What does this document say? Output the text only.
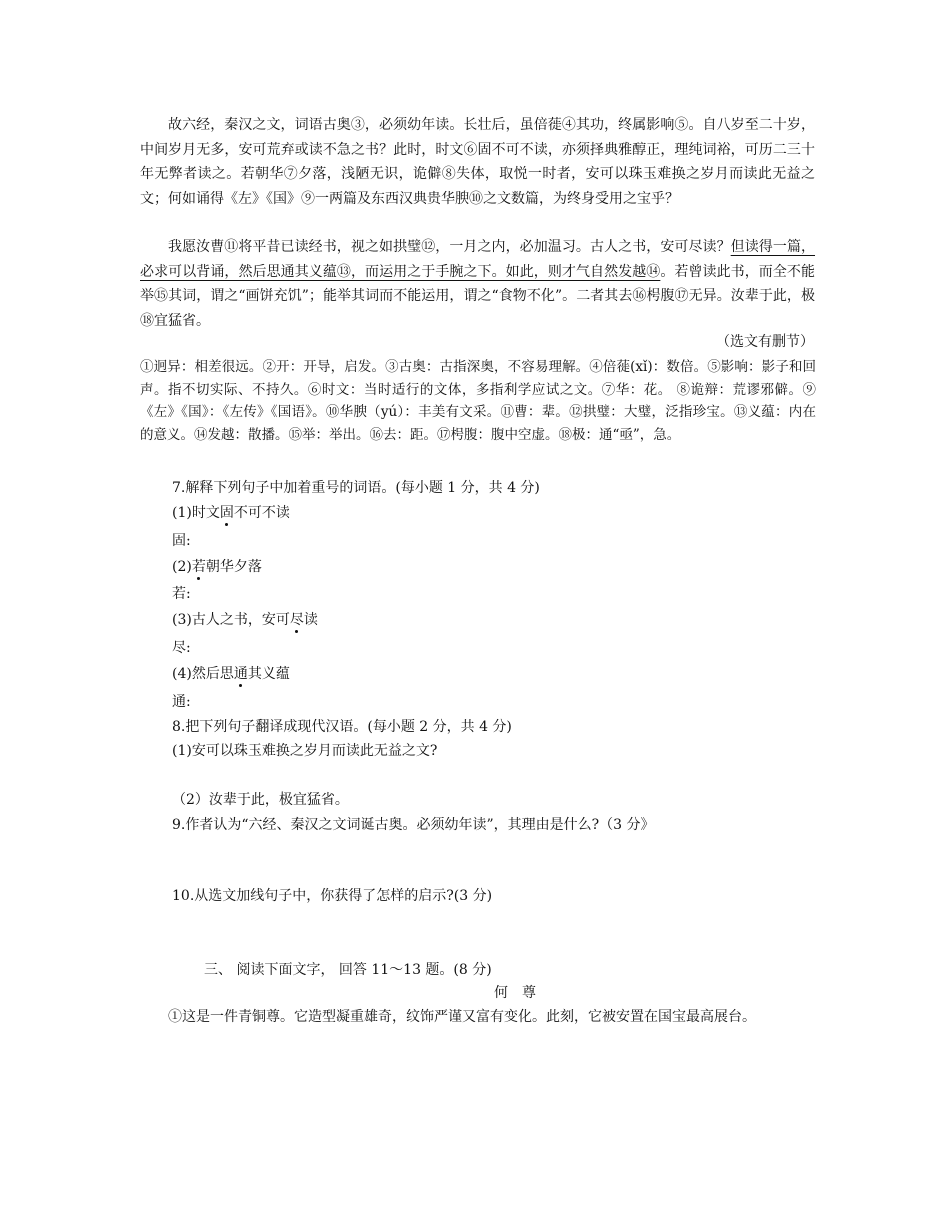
故六经，秦汉之文，词语古奥③，必须幼年读。长壮后，虽倍蓰④其功，终属影响⑤。自八岁至二十岁，中间岁月无多，安可荒弃或读不急之书？此时，时文⑥固不可不读，亦须择典雅醇正，理纯词裕，可历二三十年无弊者读之。若朝华⑦夕落，浅陋无识，诡僻⑧失体，取悦一时者，安可以珠玉难换之岁月而读此无益之文；何如诵得《左》《国》⑨一两篇及东西汉典贵华腴⑩之文数篇，为终身受用之宝乎？

我愿汝曹⑪将平昔已读经书，视之如拱璧⑫，一月之内，必加温习。古人之书，安可尽读？但读得一篇，必求可以背诵，然后思通其义蕴⑬，而运用之于手腕之下。如此，则才气自然发越⑭。若曾读此书，而全不能举⑮其词，谓之“画饼充饥”；能举其词而不能运用，谓之“食物不化”。二者其去⑯枵腹⑰无异。汝辈于此，极⑱宜猛省。

（选文有删节）

①迥异：相差很远。②开：开导，启发。③古奥：古指深奥，不容易理解。④倍蓰(xǐ)：数倍。⑤影响：影子和回声。指不切实际、不持久。⑥时文：当时适行的文体，多指利学应试之文。⑦华：花。 ⑧诡辩：荒谬邪僻。⑨《左》《国》：《左传》《国语》。⑩华腴（yú）：丰美有文采。⑪曹：辈。⑫拱璧：大璧，泛指珍宝。⑬义蕴：内在的意义。⑭发越：散播。⑮举：举出。⑯去：距。⑰枵腹：腹中空虚。⑱极：通“亟”，急。

7.解释下列句子中加着重号的词语。(每小题 1 分，共 4 分)

(1)时文固不可不读

固:

(2)若朝华夕落

若:

(3)古人之书，安可尽读

尽:

(4)然后思通其义蕴

通:

8.把下列句子翻译成现代汉语。(每小题 2 分，共 4 分)

(1)安可以珠玉难换之岁月而读此无益之文?

（2）汝辈于此，极宜猛省。

9.作者认为“六经、秦汉之文词诞古奥。必须幼年读”，其理由是什么?（3 分》

10.从选文加线句子中，你获得了怎样的启示?(3 分)

三、 阅读下面文字， 回答 11～13 题。(8 分)

何　尊

①这是一件青铜尊。它造型凝重雄奇，纹饰严谨又富有变化。此刻，它被安置在国宝最高展台。
